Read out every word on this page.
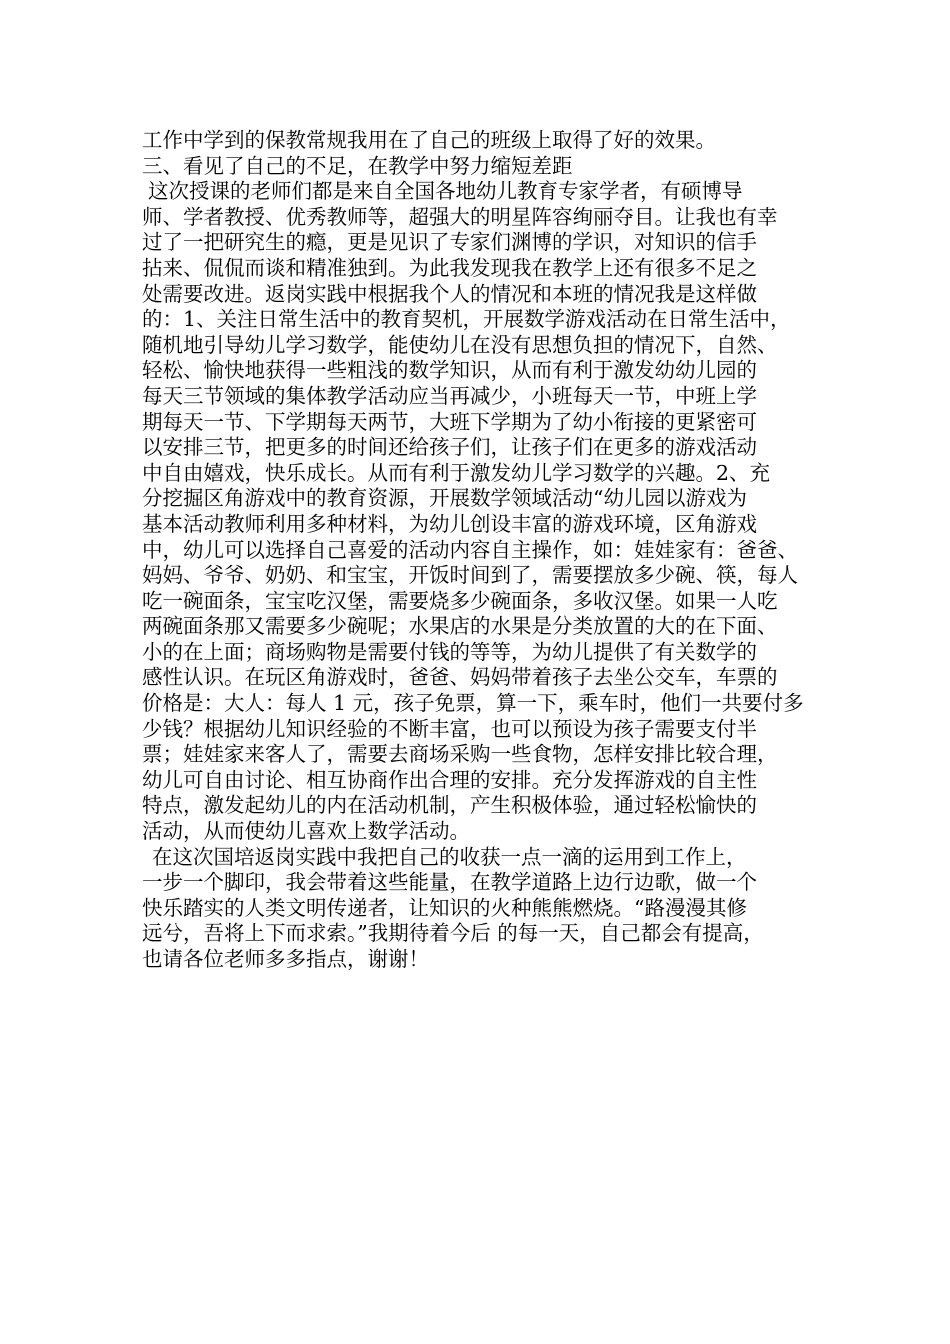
工作中学到的保教常规我用在了自己的班级上取得了好的效果。
三、看见了自己的不足，在教学中努力缩短差距
这次授课的老师们都是来自全国各地幼儿教育专家学者，有硕博导
师、学者教授、优秀教师等，超强大的明星阵容绚丽夺目。让我也有幸
过了一把研究生的瘾，更是见识了专家们渊博的学识，对知识的信手
拈来、侃侃而谈和精准独到。为此我发现我在教学上还有很多不足之
处需要改进。返岗实践中根据我个人的情况和本班的情况我是这样做
的：1、关注日常生活中的教育契机，开展数学游戏活动在日常生活中，
随机地引导幼儿学习数学，能使幼儿在没有思想负担的情况下，自然、
轻松、愉快地获得一些粗浅的数学知识，从而有利于激发幼幼儿园的
每天三节领域的集体教学活动应当再减少，小班每天一节，中班上学
期每天一节、下学期每天两节，大班下学期为了幼小衔接的更紧密可
以安排三节，把更多的时间还给孩子们，让孩子们在更多的游戏活动
中自由嬉戏，快乐成长。从而有利于激发幼儿学习数学的兴趣。2、充
分挖掘区角游戏中的教育资源，开展数学领域活动“幼儿园以游戏为
基本活动教师利用多种材料，为幼儿创设丰富的游戏环境，区角游戏
中，幼儿可以选择自己喜爱的活动内容自主操作，如：娃娃家有：爸爸、
妈妈、爷爷、奶奶、和宝宝，开饭时间到了，需要摆放多少碗、筷，每人
吃一碗面条，宝宝吃汉堡，需要烧多少碗面条，多收汉堡。如果一人吃
两碗面条那又需要多少碗呢；水果店的水果是分类放置的大的在下面、
小的在上面；商场购物是需要付钱的等等，为幼儿提供了有关数学的
感性认识。在玩区角游戏时，爸爸、妈妈带着孩子去坐公交车，车票的
价格是：大人：每人 1 元，孩子免票，算一下，乘车时，他们一共要付多
少钱？根据幼儿知识经验的不断丰富，也可以预设为孩子需要支付半
票；娃娃家来客人了，需要去商场采购一些食物，怎样安排比较合理，
幼儿可自由讨论、相互协商作出合理的安排。充分发挥游戏的自主性
特点，激发起幼儿的内在活动机制，产生积极体验，通过轻松愉快的
活动，从而使幼儿喜欢上数学活动。
在这次国培返岗实践中我把自己的收获一点一滴的运用到工作上，
一步一个脚印，我会带着这些能量，在教学道路上边行边歌，做一个
快乐踏实的人类文明传递者，让知识的火种熊熊燃烧。“路漫漫其修
远兮，吾将上下而求索。”我期待着今后 的每一天，自己都会有提高，
也请各位老师多多指点，谢谢！
